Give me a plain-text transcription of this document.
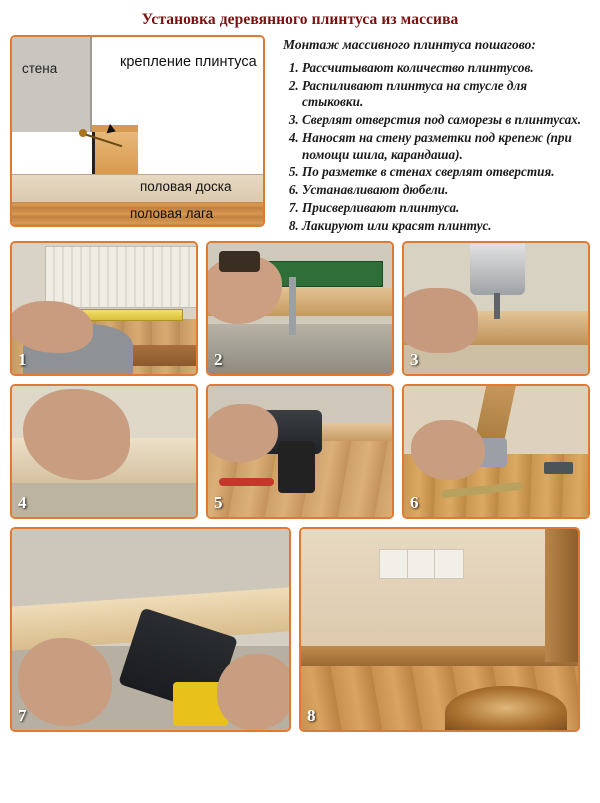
Установка деревянного плинтуса из массива
стена	крепление плинтуса
половая доска
половая лага
Монтаж массивного плинтуса пошагово:
1. Рассчитывают количество плинтусов.
2. Распиливают плинтуса на стусле для стыковки.
3. Сверлят отверстия под саморезы в плинтусах.
4. Наносят на стену разметки под крепеж (при помощи шила, карандаша).
5. По разметке в стенах сверлят отверстия.
6. Устанавливают дюбели.
7. Присверливают плинтуса.
8. Лакируют или красят плинтус.
1	2	3
4	5	6
7	8
